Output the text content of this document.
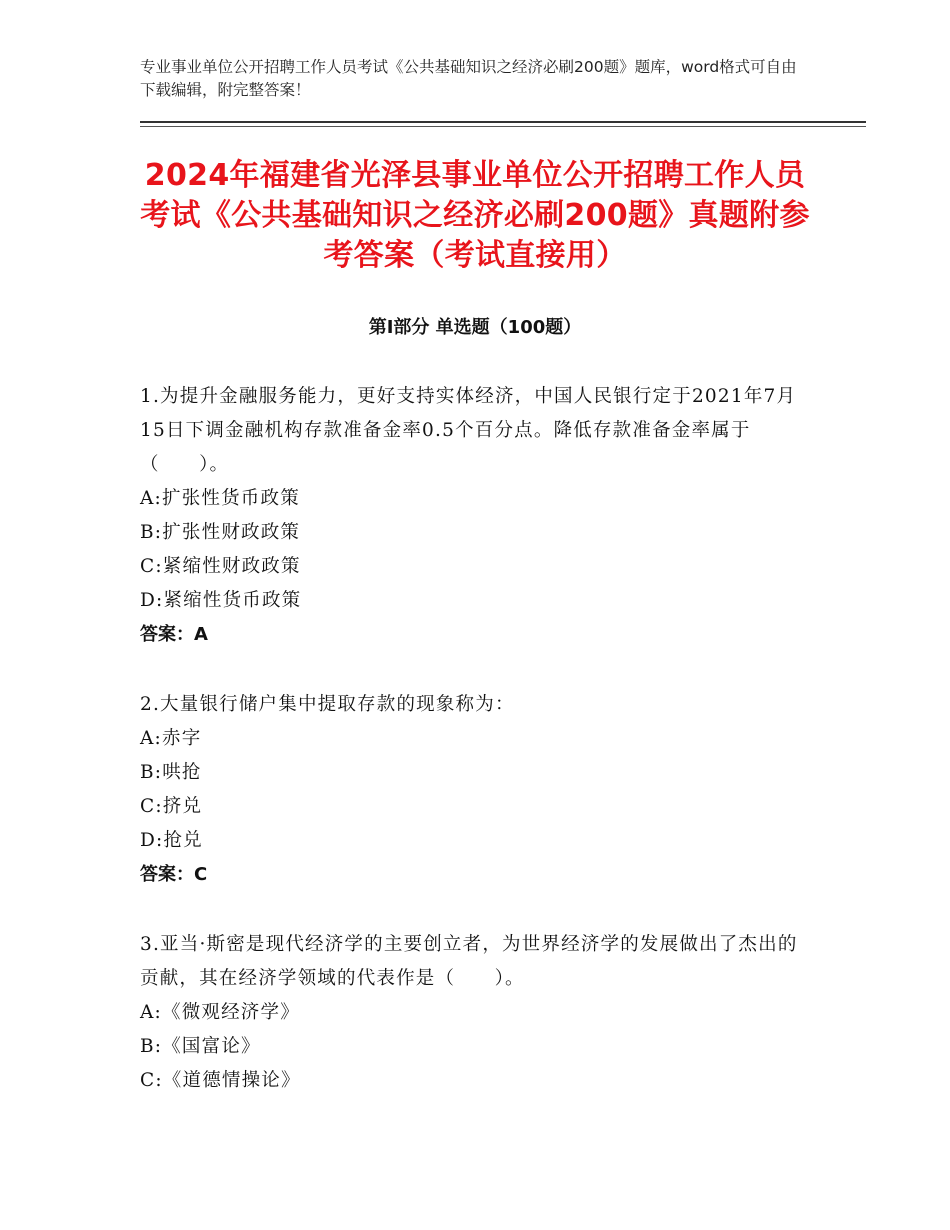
专业事业单位公开招聘工作人员考试《公共基础知识之经济必刷200题》题库，word格式可自由下载编辑，附完整答案！
2024年福建省光泽县事业单位公开招聘工作人员考试《公共基础知识之经济必刷200题》真题附参考答案（考试直接用）
第Ⅰ部分 单选题（100题）
1.为提升金融服务能力，更好支持实体经济，中国人民银行定于2021年7月15日下调金融机构存款准备金率0.5个百分点。降低存款准备金率属于（　　）。
A:扩张性货币政策
B:扩张性财政政策
C:紧缩性财政政策
D:紧缩性货币政策
答案：A
2.大量银行储户集中提取存款的现象称为：
A:赤字
B:哄抢
C:挤兑
D:抢兑
答案：C
3.亚当·斯密是现代经济学的主要创立者，为世界经济学的发展做出了杰出的贡献，其在经济学领域的代表作是（　　）。
A:《微观经济学》
B:《国富论》
C:《道德情操论》
